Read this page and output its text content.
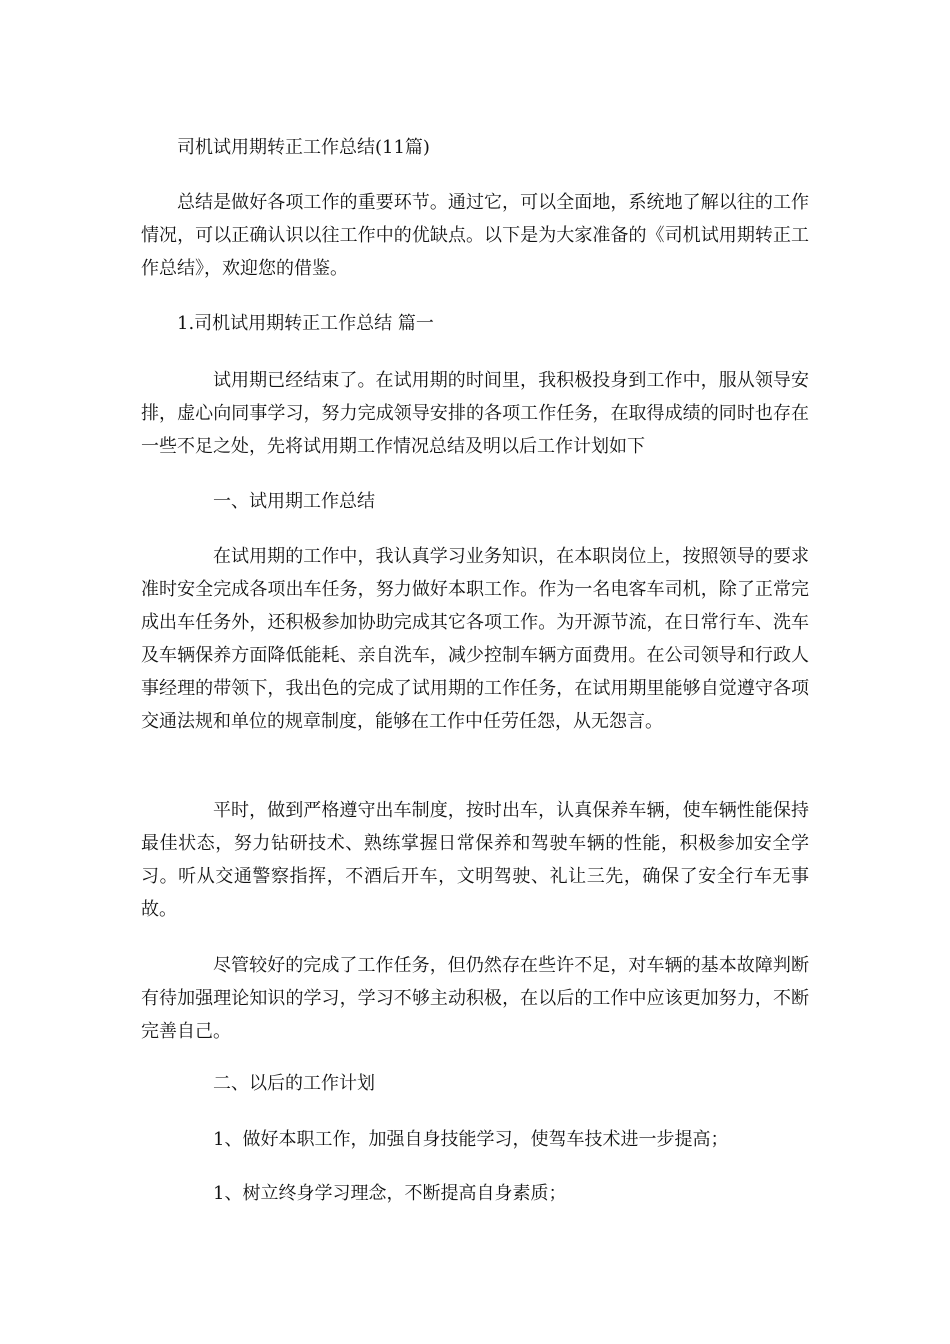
司机试用期转正工作总结(11篇)

总结是做好各项工作的重要环节。通过它，可以全面地，系统地了解以往的工作情况，可以正确认识以往工作中的优缺点。以下是为大家准备的《司机试用期转正工作总结》，欢迎您的借鉴。

1.司机试用期转正工作总结 篇一

试用期已经结束了。在试用期的时间里，我积极投身到工作中，服从领导安排，虚心向同事学习，努力完成领导安排的各项工作任务，在取得成绩的同时也存在一些不足之处，先将试用期工作情况总结及明以后工作计划如下

一、试用期工作总结

在试用期的工作中，我认真学习业务知识，在本职岗位上，按照领导的要求准时安全完成各项出车任务，努力做好本职工作。作为一名电客车司机，除了正常完成出车任务外，还积极参加协助完成其它各项工作。为开源节流，在日常行车、洗车及车辆保养方面降低能耗、亲自洗车，减少控制车辆方面费用。在公司领导和行政人事经理的带领下，我出色的完成了试用期的工作任务，在试用期里能够自觉遵守各项交通法规和单位的规章制度，能够在工作中任劳任怨，从无怨言。

平时，做到严格遵守出车制度，按时出车，认真保养车辆，使车辆性能保持最佳状态，努力钻研技术、熟练掌握日常保养和驾驶车辆的性能，积极参加安全学习。听从交通警察指挥，不酒后开车，文明驾驶、礼让三先，确保了安全行车无事故。

尽管较好的完成了工作任务，但仍然存在些许不足，对车辆的基本故障判断有待加强理论知识的学习，学习不够主动积极，在以后的工作中应该更加努力，不断完善自己。

二、以后的工作计划

1、做好本职工作，加强自身技能学习，使驾车技术进一步提高；

1、树立终身学习理念，不断提高自身素质；
